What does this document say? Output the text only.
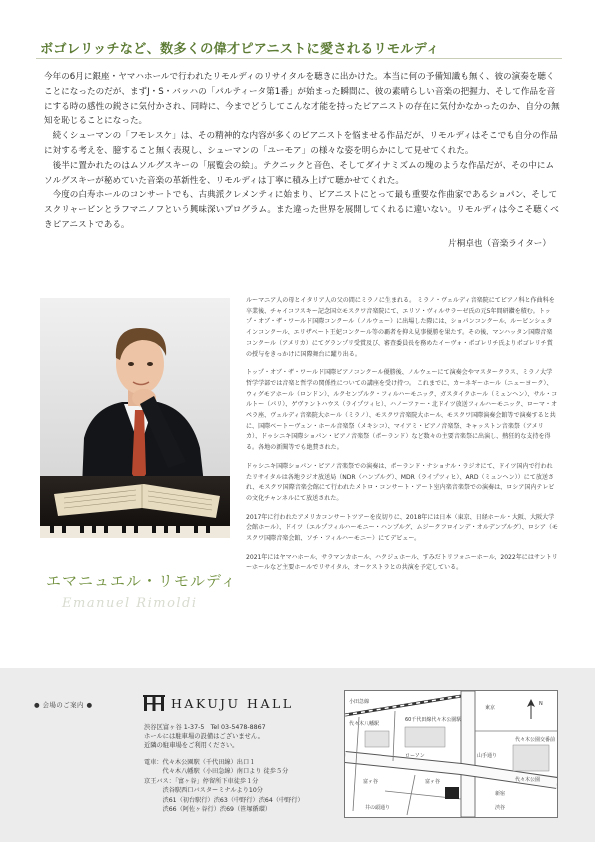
ボゴレリッチなど、数多くの偉才ピアニストに愛されるリモルディ

今年の6月に銀座・ヤマハホールで行われたリモルディのリサイタルを聴きに出かけた。本当に何の予備知識も無く、彼の演奏を聴くことになったのだが、まずJ・S・バッハの「パルティータ第1番」が始まった瞬間に、彼の素晴らしい音楽の把握力、そして作品を音にする時の感性の鋭さに気付かされ、同時に、今までどうしてこんな才能を持ったピアニストの存在に気付かなかったのか、自分の無知を恥じることになった。

　続くシューマンの「フモレスケ」は、その精神的な内容が多くのピアニストを悩ませる作品だが、リモルディはそこでも自分の作品に対する考えを、臆すること無く表現し、シューマンの「ユーモア」の様々な姿を明らかにして見せてくれた。

　後半に置かれたのはムソルグスキーの「展覧会の絵」。テクニックと音色、そしてダイナミズムの塊のような作品だが、その中にムソルグスキーが秘めていた音楽の革新性を、リモルディは丁寧に積み上げて聴かせてくれた。

　今度の白寿ホールのコンサートでも、古典派クレメンティに始まり、ピアニストにとって最も重要な作曲家であるショパン、そしてスクリャービンとラフマニノフという興味深いプログラム。また違った世界を展開してくれるに違いない。リモルディは今こそ聴くべきピアニストである。

片桐卓也（音楽ライター）

ルーマニア人の母とイタリア人の父の間にミラノに生まれる。 ミラノ・ヴェルディ音楽院にてピアノ科と作曲科を卒業後、チャイコフスキー記念国立モスクワ音楽院にて、エリソ・ヴィルサラーゼ氏の元5年間研鑽を積む。トップ・オブ・ザ・ワールド国際コンクール（ノルウェー）に出場した際には、ショパンコンクール、ルービンシュタインコンクール、エリザベート王妃コンクール等の覇者を抑え見事優勝を果たす。その後、マンハッタン国際音楽コンクール（アメリカ）にてグランプリ受賞及び、審査委員長を務めたイーヴォ・ポゴレリチ氏よりポゴレリチ賞の授与をきっかけに国際舞台に躍り出る。

トップ・オブ・ザ・ワールド国際ピアノコンクール優勝後、ノルウェーにて演奏会やマスタークラス、ミラノ大学哲学学部では音楽と哲学の関係性についての講座を受け持つ。 これまでに、カーネギーホール（ニューヨーク）、ウィグモアホール（ロンドン）、ルクセンブルク・フィルハーモニック、ガスタイクホール（ミュンヘン）、サル・コルトー（パリ）、ゲヴァントハウス（ライプツィヒ）、ハノーファー・北ドイツ放送フィルハーモニック、ローマ・オペラ座、ヴェルディ音楽院大ホール（ミラノ）、モスクワ音楽院大ホール、モスクワ国際演奏会館等で演奏すると共に、国際ベートーヴェン・ホール音楽祭（メキシコ）、マイアミ・ピアノ音楽祭、キャッストン音楽祭（アメリカ）、ドゥシニキ国際ショパン・ピアノ音楽祭（ポーランド）など数々の主要音楽祭に出演し、熱狂的な支持を得る。各地の新聞等でも絶賛された。

ドゥシニキ国際ショパン・ピアノ音楽祭での演奏は、ポーランド・ナショナル・ラジオにて、ドイツ国内で行われたリサイタルは各地ラジオ放送局（NDR（ハンブルグ）、MDR（ライプツィヒ）、ARD（ミュンヘン））にて放送され、モスクワ国際音楽会館にて行われたメトロ・コンサート・アート室内楽音楽祭での演奏は、ロシア国内テレビの文化チャンネルにて放送された。

2017年に行われたアメリカコンサートツアーを皮切りに、2018年には日本（東京、日経ホール・大阪、大阪大学会館ホール）、ドイツ（エルプフィルハーモニー・ハンブルグ、ムジークフロインデ・オルデンブルグ）、ロシア（モスクワ国際音楽会館、ソチ・フィルハーモニー）にてデビュー。

2021年にはヤマハホール、サラマンカホール、ハクジュホール、すみだトリフォニーホール、2022年にはサントリーホールなど主要ホールでリサイタル、オーケストラとの共演を予定している。

エマニュエル・リモルディ
Emanuel Rimoldi
● 会場のご案内 ●	HAKUJU HALL
渋谷区富ヶ谷 1-37-5　Tel 03-5478-8867
ホールには駐車場の設備はございません。
近隣の駐車場をご利用ください。
電車：代々木公園駅（千代田線）出口１
　　　代々木八幡駅（小田急線）南口より 徒歩５分
京王バス：「富ヶ谷」停留所下車徒歩１分
　　　渋谷駅西口バスターミナルより10分
　　　渋61（初台駅行）渋63（中野行）渋64（中野行）
　　　渋66（阿佐ヶ谷行）渋69（笹塚循環）
小田急線
代々木八幡駅
60千代田線代々木公園駅
N
東京
山手通り
ローソン
代々木公園交番前
富ヶ谷
井の頭通り	渋谷
代々木公園
富ヶ谷
新宿
